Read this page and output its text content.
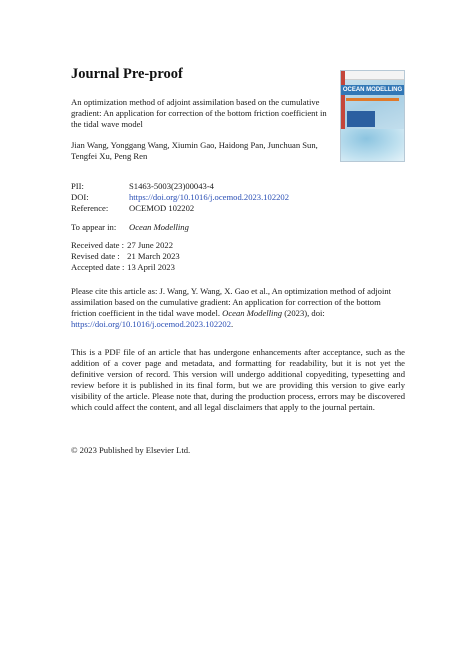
Journal Pre-proof
An optimization method of adjoint assimilation based on the cumulative gradient: An application for correction of the bottom friction coefficient in the tidal wave model
Jian Wang, Yonggang Wang, Xiumin Gao, Haidong Pan, Junchuan Sun, Tengfei Xu, Peng Ren
PII:	S1463-5003(23)00043-4
DOI:	https://doi.org/10.1016/j.ocemod.2023.102202
Reference: OCEMOD 102202
To appear in: Ocean Modelling
Received date : 27 June 2022
Revised date : 21 March 2023
Accepted date : 13 April 2023
Please cite this article as: J. Wang, Y. Wang, X. Gao et al., An optimization method of adjoint assimilation based on the cumulative gradient: An application for correction of the bottom friction coefficient in the tidal wave model. Ocean Modelling (2023), doi:
https://doi.org/10.1016/j.ocemod.2023.102202.
This is a PDF file of an article that has undergone enhancements after acceptance, such as the addition of a cover page and metadata, and formatting for readability, but it is not yet the definitive version of record. This version will undergo additional copyediting, typesetting and review before it is published in its final form, but we are providing this version to give early visibility of the article. Please note that, during the production process, errors may be discovered which could affect the content, and all legal disclaimers that apply to the journal pertain.
© 2023 Published by Elsevier Ltd.
OCEAN MODELLING
